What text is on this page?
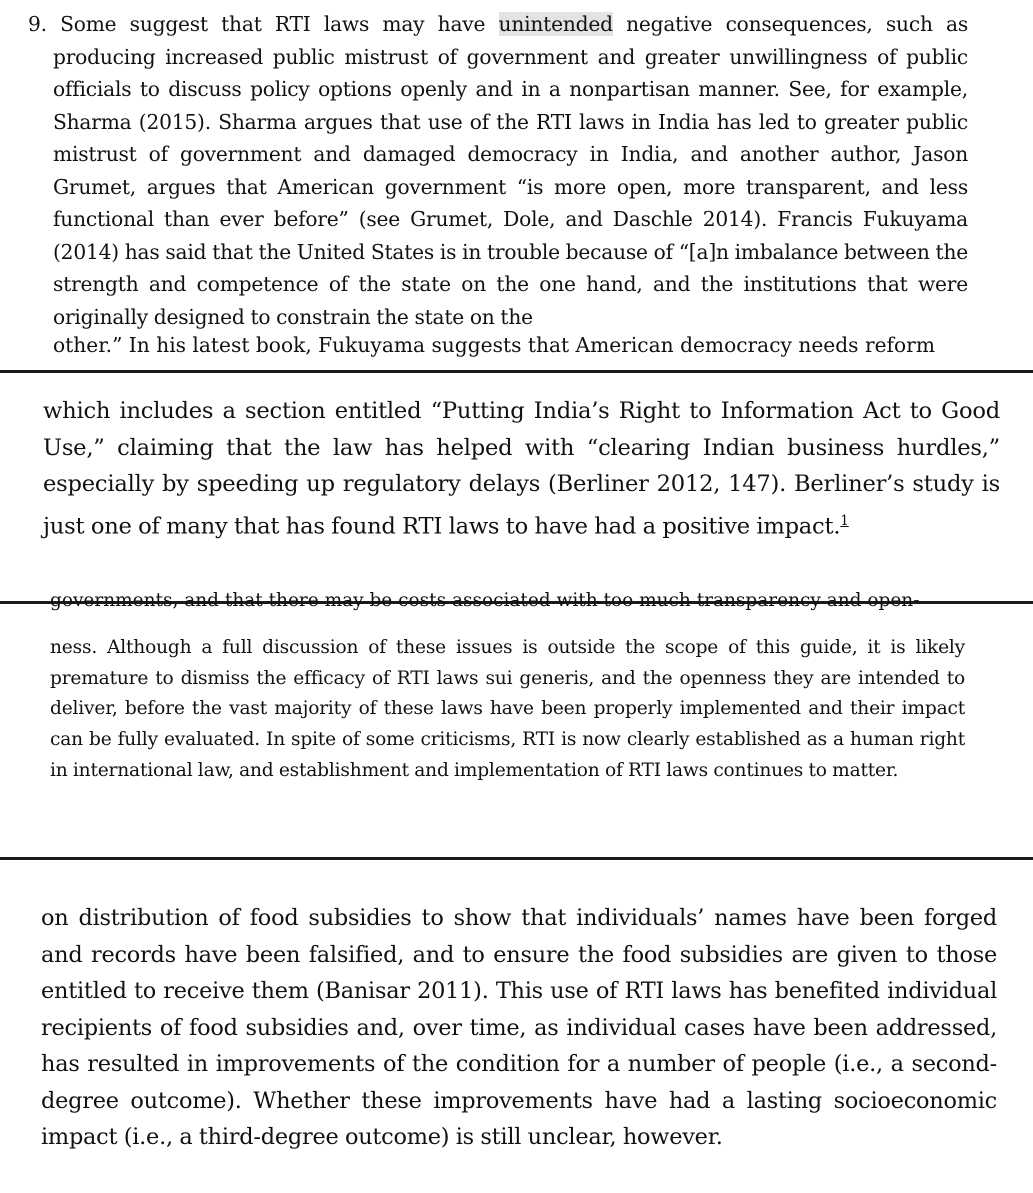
9. Some suggest that RTI laws may have unintended negative consequences, such as producing increased public mistrust of government and greater unwillingness of public officials to discuss policy options openly and in a nonpartisan manner. See, for example, Sharma (2015). Sharma argues that use of the RTI laws in India has led to greater public mistrust of government and damaged democracy in India, and another author, Jason Grumet, argues that American government “is more open, more transparent, and less functional than ever before” (see Grumet, Dole, and Daschle 2014). Francis Fukuyama (2014) has said that the United States is in trouble because of “[a]n imbalance between the strength and competence of the state on the one hand, and the institutions that were originally designed to constrain the state on the

other.” In his latest book, Fukuyama suggests that American democracy needs reform

which includes a section entitled “Putting India’s Right to Information Act to Good Use,” claiming that the law has helped with “clearing Indian business hurdles,” especially by speeding up regulatory delays (Berliner 2012, 147). Berliner’s study is just one of many that has found RTI laws to have had a positive impact.$^1$

governments, and that there may be costs associated with too much transparency and open-

ness. Although a full discussion of these issues is outside the scope of this guide, it is likely premature to dismiss the efficacy of RTI laws sui generis, and the openness they are intended to deliver, before the vast majority of these laws have been properly implemented and their impact can be fully evaluated. In spite of some criticisms, RTI is now clearly established as a human right in international law, and establishment and implementation of RTI laws continues to matter.

on distribution of food subsidies to show that individuals’ names have been forged and records have been falsified, and to ensure the food subsidies are given to those entitled to receive them (Banisar 2011). This use of RTI laws has benefited individual recipients of food subsidies and, over time, as individual cases have been addressed, has resulted in improvements of the condition for a number of people (i.e., a second-degree outcome). Whether these improvements have had a lasting socioeconomic impact (i.e., a third-degree outcome) is still unclear, however.
